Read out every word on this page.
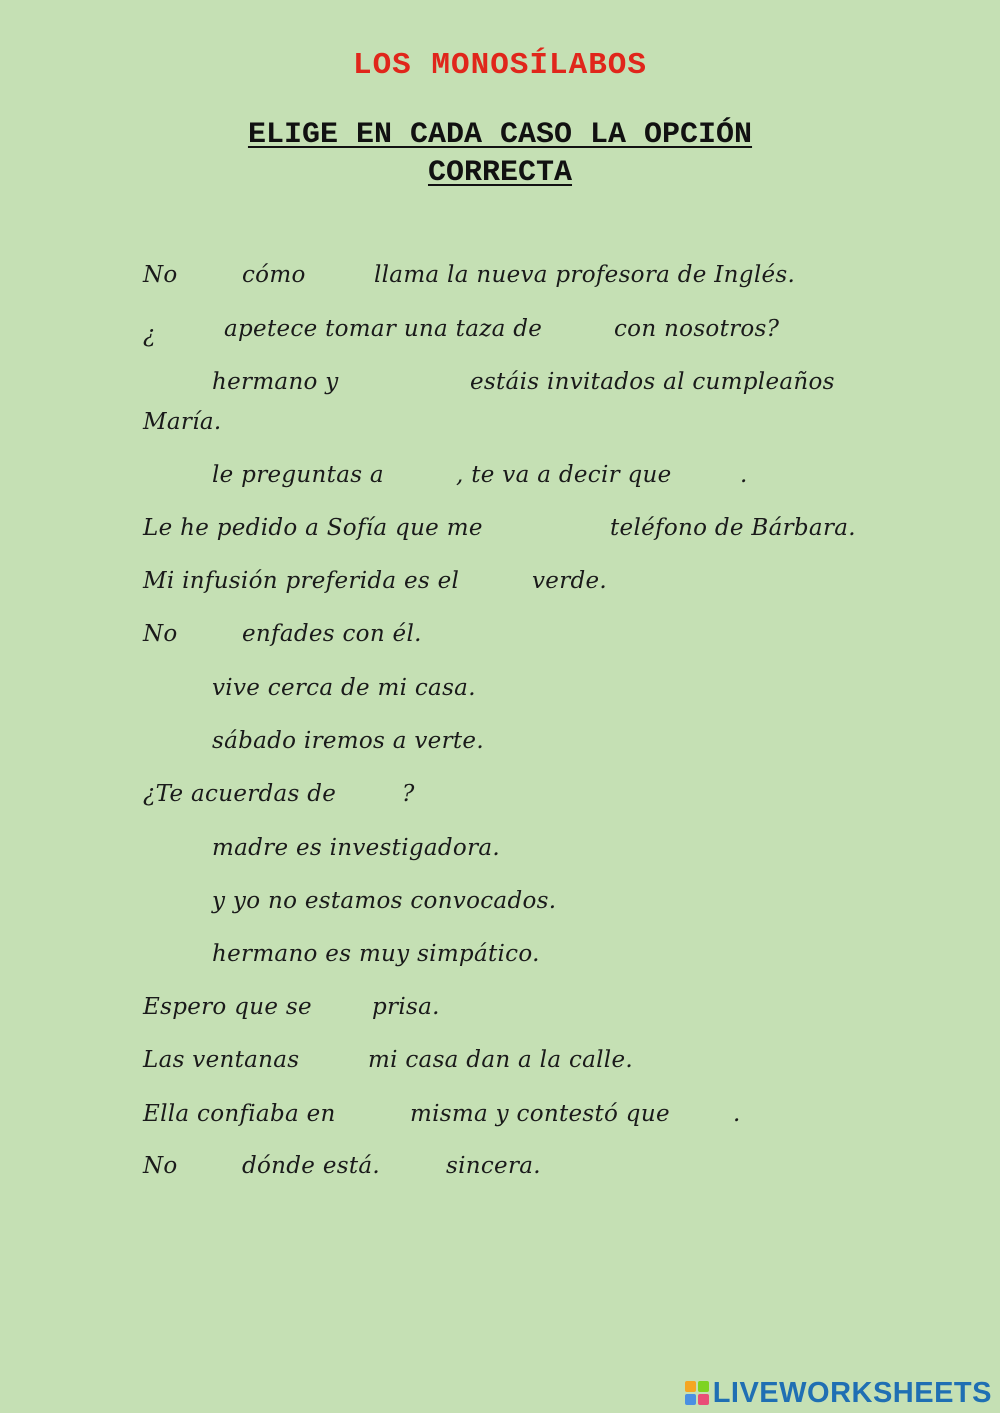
LOS MONOSÍLABOS
ELIGE EN CADA CASO LA OPCIÓN
CORRECTA
No	cómo	llama la nueva profesora de Inglés.
¿	apetece tomar una taza de	con nosotros?
hermano y	estáis invitados al cumpleaños
María.
le preguntas a	, te va a decir que	.
Le he pedido a Sofía que me	teléfono de Bárbara.
Mi infusión preferida es el	verde.
No	enfades con él.
vive cerca de mi casa.
sábado iremos a verte.
¿Te acuerdas de	?
madre es investigadora.
y yo no estamos convocados.
hermano es muy simpático.
Espero que se	prisa.
Las ventanas	mi casa dan a la calle.
Ella confiaba en	misma y contestó que	.
No	dónde está.	sincera.
LIVEWORKSHEETS
